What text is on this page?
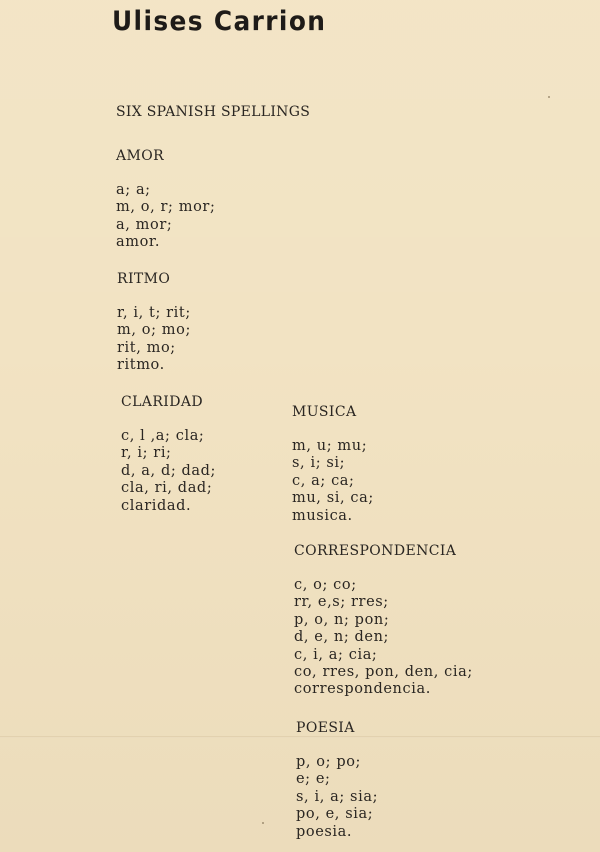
Ulises Carrion
SIX SPANISH SPELLINGS
AMOR
a; a;
m, o, r; mor;
a, mor;
amor.
RITMO
r, i, t; rit;
m, o; mo;
rit, mo;
ritmo.
CLARIDAD
c, l ,a; cla;
r, i; ri;
d, a, d; dad;
cla, ri, dad;
claridad.
MUSICA
m, u; mu;
s, i; si;
c, a; ca;
mu, si, ca;
musica.
CORRESPONDENCIA
c, o; co;
rr, e,s; rres;
p, o, n; pon;
d, e, n; den;
c, i, a; cia;
co, rres, pon, den, cia;
correspondencia.
POESIA
p, o; po;
e; e;
s, i, a; sia;
po, e, sia;
poesia.
